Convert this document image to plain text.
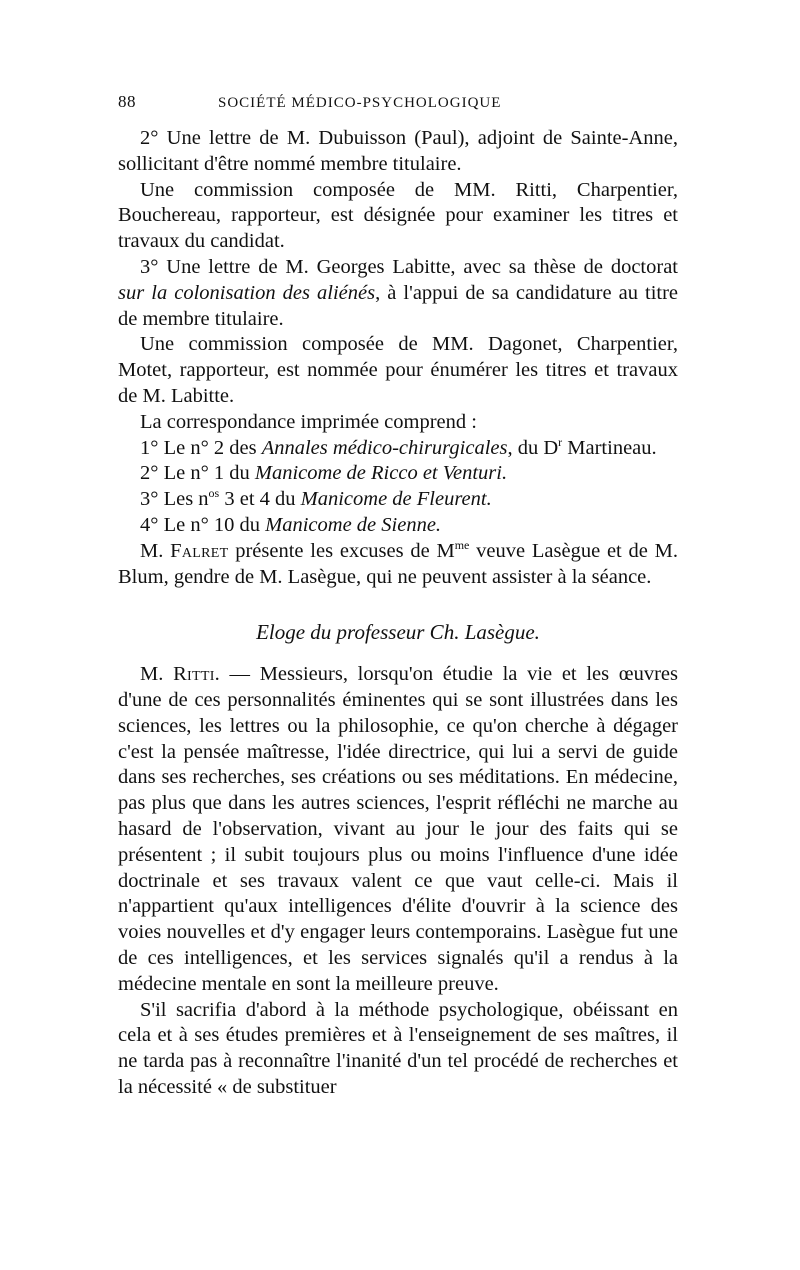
88	SOCIÉTÉ MÉDICO-PSYCHOLOGIQUE

2° Une lettre de M. Dubuisson (Paul), adjoint de Sainte-Anne, sollicitant d'être nommé membre titulaire.

Une commission composée de MM. Ritti, Charpentier, Bouchereau, rapporteur, est désignée pour examiner les titres et travaux du candidat.

3° Une lettre de M. Georges Labitte, avec sa thèse de doctorat sur la colonisation des aliénés, à l'appui de sa candidature au titre de membre titulaire.

Une commission composée de MM. Dagonet, Charpentier, Motet, rapporteur, est nommée pour énumérer les titres et travaux de M. Labitte.

La correspondance imprimée comprend :

1° Le n° 2 des Annales médico-chirurgicales, du $D^r$ Martineau.

2° Le n° 1 du Manicome de Ricco et Venturi.

3° Les $n^{os}$ 3 et 4 du Manicome de Fleurent.

4° Le n° 10 du Manicome de Sienne.

M. Falret présente les excuses de $M^{me}$ veuve Lasègue et de M. Blum, gendre de M. Lasègue, qui ne peuvent assister à la séance.

Eloge du professeur Ch. Lasègue.

M. Ritti. — Messieurs, lorsqu'on étudie la vie et les œuvres d'une de ces personnalités éminentes qui se sont illustrées dans les sciences, les lettres ou la philosophie, ce qu'on cherche à dégager c'est la pensée maîtresse, l'idée directrice, qui lui a servi de guide dans ses recherches, ses créations ou ses méditations. En médecine, pas plus que dans les autres sciences, l'esprit réfléchi ne marche au hasard de l'observation, vivant au jour le jour des faits qui se présentent ; il subit toujours plus ou moins l'influence d'une idée doctrinale et ses travaux valent ce que vaut celle-ci. Mais il n'appartient qu'aux intelligences d'élite d'ouvrir à la science des voies nouvelles et d'y engager leurs contemporains. Lasègue fut une de ces intelligences, et les services signalés qu'il a rendus à la médecine mentale en sont la meilleure preuve.

S'il sacrifia d'abord à la méthode psychologique, obéissant en cela et à ses études premières et à l'enseignement de ses maîtres, il ne tarda pas à reconnaître l'inanité d'un tel procédé de recherches et la nécessité « de substituer
